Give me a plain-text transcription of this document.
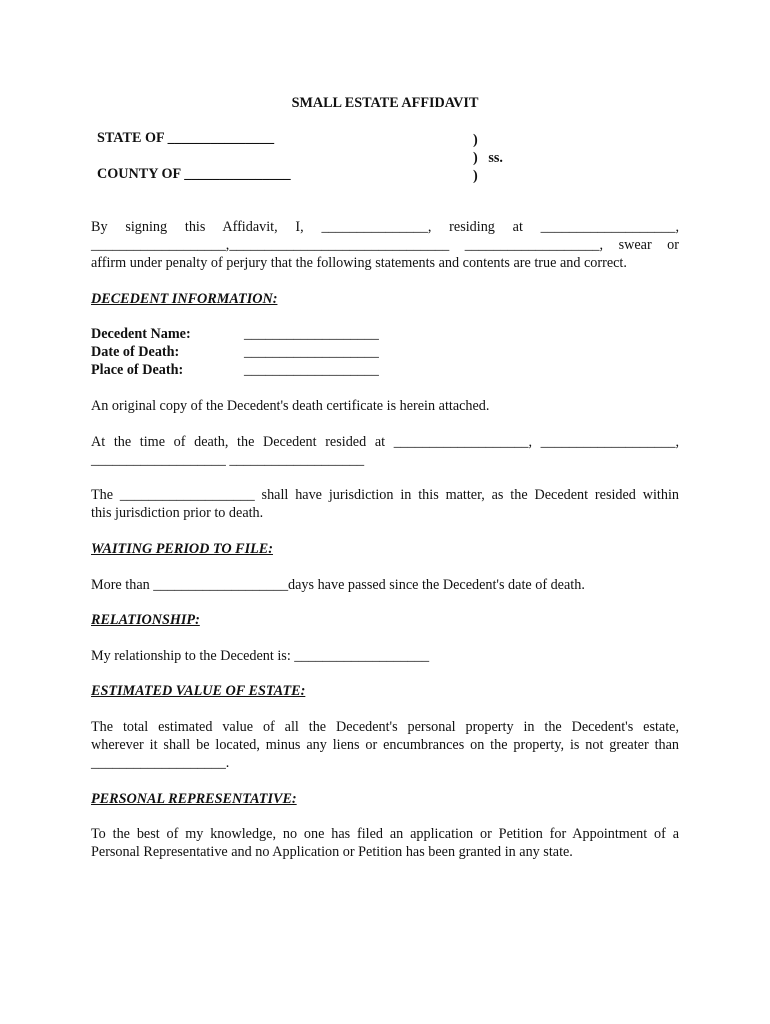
SMALL ESTATE AFFIDAVIT
STATE OF _______________
COUNTY OF _______________
)
)   ss.
)
By signing this Affidavit, I, _______________, residing at ___________________,
___________________,_______________________________ ___________________, swear or
affirm under penalty of perjury that the following statements and contents are true and correct.
DECEDENT INFORMATION:
Decedent Name:	___________________
Date of Death:	___________________
Place of Death:	___________________
An original copy of the Decedent's death certificate is herein attached.
At the time of death, the Decedent resided at ___________________, ___________________,
___________________ ___________________
The ___________________ shall have jurisdiction in this matter, as the Decedent resided within
this jurisdiction prior to death.
WAITING PERIOD TO FILE:
More than ___________________days have passed since the Decedent's date of death.
RELATIONSHIP:
My relationship to the Decedent is: ___________________
ESTIMATED VALUE OF ESTATE:
The total estimated value of all the Decedent's personal property in the Decedent's estate,
wherever it shall be located, minus any liens or encumbrances on the property, is not greater than
___________________.
PERSONAL REPRESENTATIVE:
To the best of my knowledge, no one has filed an application or Petition for Appointment of a
Personal Representative and no Application or Petition has been granted in any state.
